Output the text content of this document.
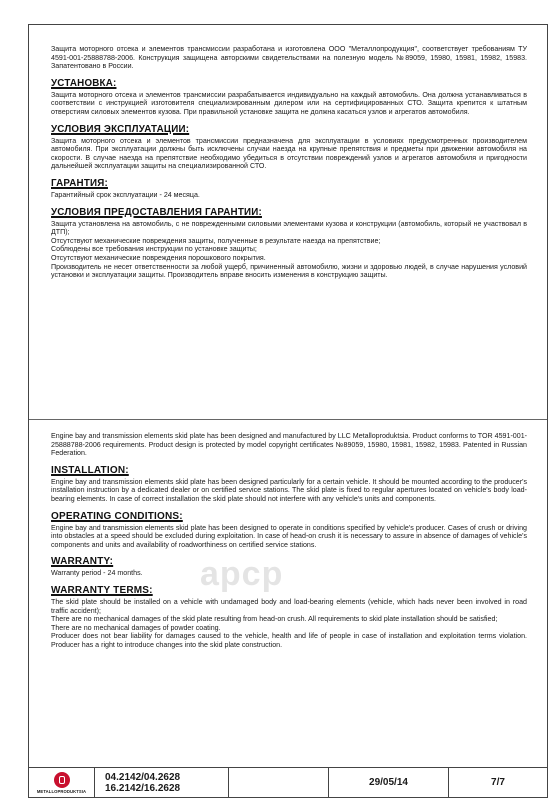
Защита моторного отсека и элементов трансмиссии разработана и изготовлена ООО "Металлопродукция", соответствует требованиям ТУ 4591-001-25888788-2006. Конструкция защищена авторскими свидетельствами на полезную модель №89059, 15980, 15981, 15982, 15983. Запатентовано в России.

УСТАНОВКА:

Защита моторного отсека и элементов трансмиссии разрабатывается индивидуально на каждый автомобиль. Она должна устанавливаться в соответствии с инструкцией изготовителя специализированным дилером или на сертифицированных СТО. Защита крепится к штатным отверстиям силовых элементов кузова. При правильной установке защита не должна касаться узлов и агрегатов автомобиля.

УСЛОВИЯ ЭКСПЛУАТАЦИИ:

Защита моторного отсека и элементов трансмиссии предназначена для эксплуатации в условиях предусмотренных производителем автомобиля. При эксплуатации должны быть исключены случаи наезда на крупные препятствия и предметы при движении автомобиля на скорости. В случае наезда на препятствие необходимо убедиться в отсутствии повреждений узлов и агрегатов автомобиля и пригодности дальнейшей эксплуатации защиты на специализированной СТО.

ГАРАНТИЯ:

Гарантийный срок эксплуатации - 24 месяца.

УСЛОВИЯ ПРЕДОСТАВЛЕНИЯ ГАРАНТИИ:

Защита установлена на автомобиль, с не поврежденными силовыми элементами кузова и конструкции (автомобиль, который не участвовал в ДТП);

Отсутствуют механические повреждения защиты, полученные в результате наезда на препятствие;

Соблюдены все требования инструкции по установке защиты;

Отсутствуют механические повреждения порошкового покрытия.

Производитель не несет ответственности за любой ущерб, причиненный автомобилю, жизни и здоровью людей, в случае нарушения условий установки и эксплуатации защиты. Производитель вправе вносить изменения в конструкцию защиты.

Engine bay and transmission elements skid plate has been designed and manufactured by LLC Metalloproduktsia. Product conforms to TOR 4591-001-25888788-2006 requirements. Product design is protected by model copyright certificates №89059, 15980, 15981, 15982, 15983. Patented in Russian Federation.

INSTALLATION:

Engine bay and transmission elements skid plate has been designed particularly for a certain vehicle. It should be mounted according to the producer's installation instruction by a dedicated dealer or on certified service stations. The skid plate is fixed to regular apertures located on vehicle's body load-bearing elements. In case of correct installation the skid plate should not interfere with any vehicle's units and components.

OPERATING CONDITIONS:

Engine bay and transmission elements skid plate has been designed to operate in conditions specified by vehicle's producer. Cases of crush or driving into obstacles at a speed should be excluded during exploitation. In case of head-on crush it is necessary to assure in absence of damages of vehicle's components and units and availability of roadworthiness on certified service stations.

WARRANTY:

Warranty period - 24 months.

WARRANTY TERMS:

The skid plate should be installed on a vehicle with undamaged body and load-bearing elements (vehicle, which hads never been involved in road traffic accident);

There are no mechanical damages of the skid plate resulting from head-on crush. All requirements to skid plate installation should be satisfied;

There are no mechanical damages of powder coating.

Producer does not bear liability for damages caused to the vehicle, health and life of people in case of installation and exploitation terms violation. Producer has a right to introduce changes into the skid plate construction.

арср
METALLOPRODUKTSIA
04.2142/04.2628
16.2142/16.2628	29/05/14	7/7
